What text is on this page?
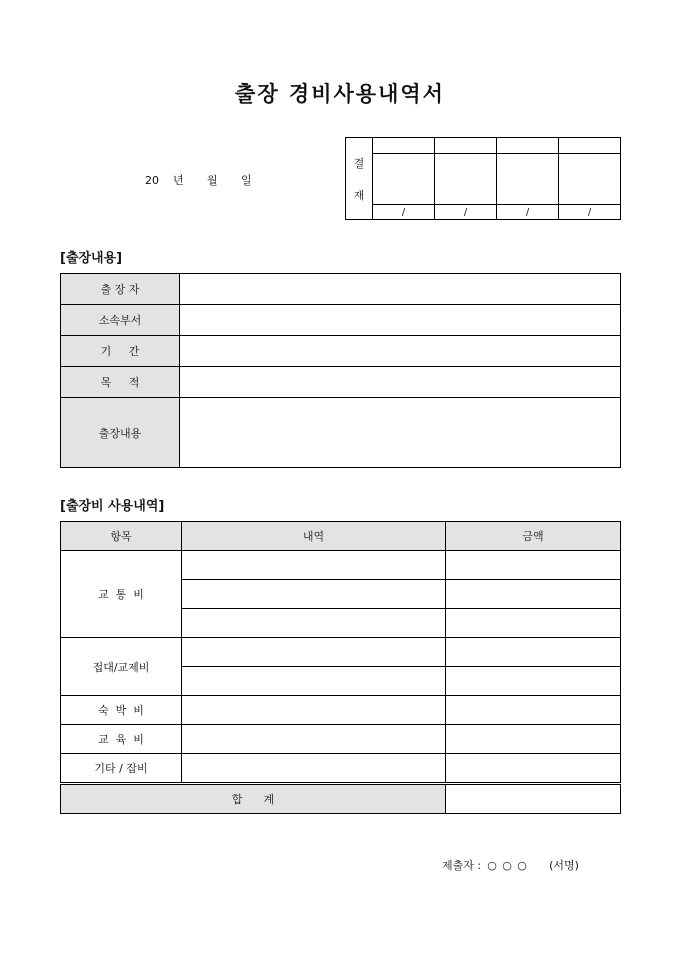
출장 경비사용내역서
20 년 월 일
결
재				

	/	/	/	/
[출장내용]
출 장 자	
소속부서	
기     간	
목     적	
출장내용	
[출장비 사용내역]
항목	내역	금액
교  통  비		

접대/교제비		

숙  박  비		
교  육  비		
기타 / 잡비		
합      계		
제출자 : ○ ○ ○ (서명)
